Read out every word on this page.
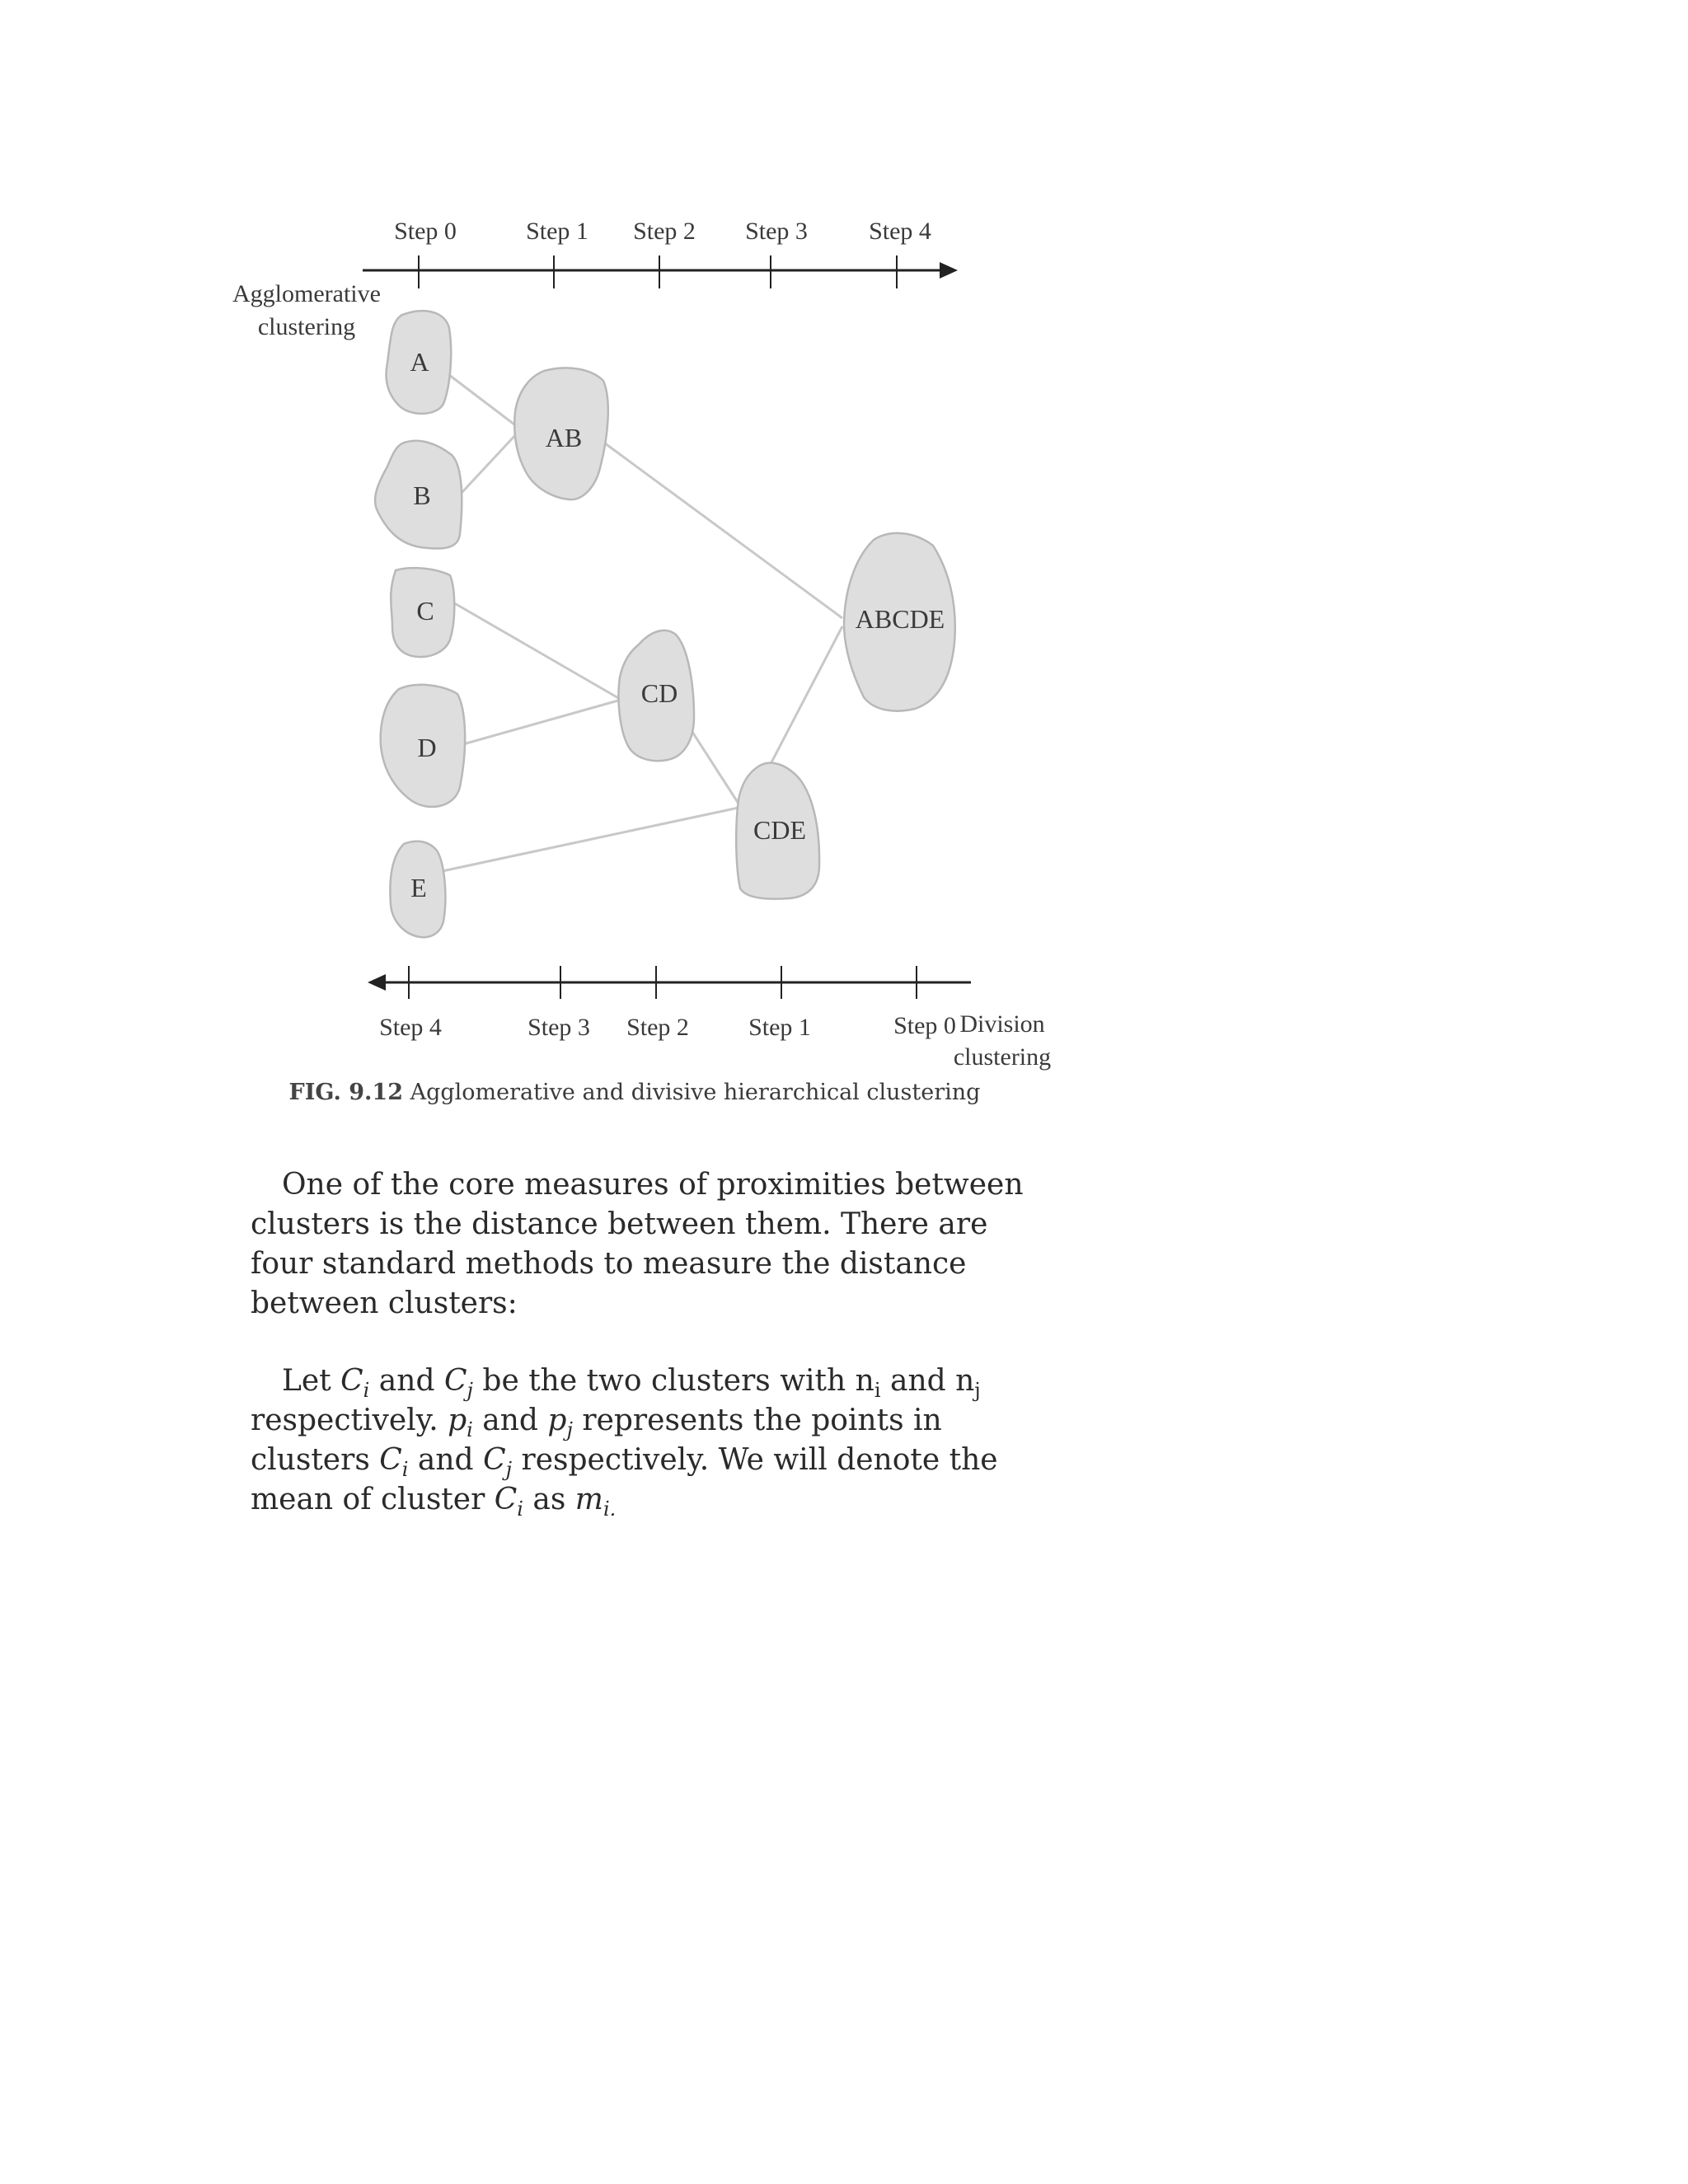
Step 0	Step 1 Step 2 Step 3 Step 4
Agglomerative
clustering
A
B
C
D
E
AB
CD
CDE
ABCDE
Step 4	Step 3 Step 2 Step 1	Step 0 Division
clustering
FIG. 9.12 Agglomerative and divisive hierarchical clustering

One of the core measures of proximities between clusters is the distance between them. There are four standard methods to measure the distance between clusters:

Let $C_i$ and $C_j$ be the two clusters with $n_i$ and $n_j$ respectively. $p_i$ and $p_j$ represents the points in clusters $C_i$ and $C_j$ respectively. We will denote the mean of cluster $C_i$ as $m_{i.}$
